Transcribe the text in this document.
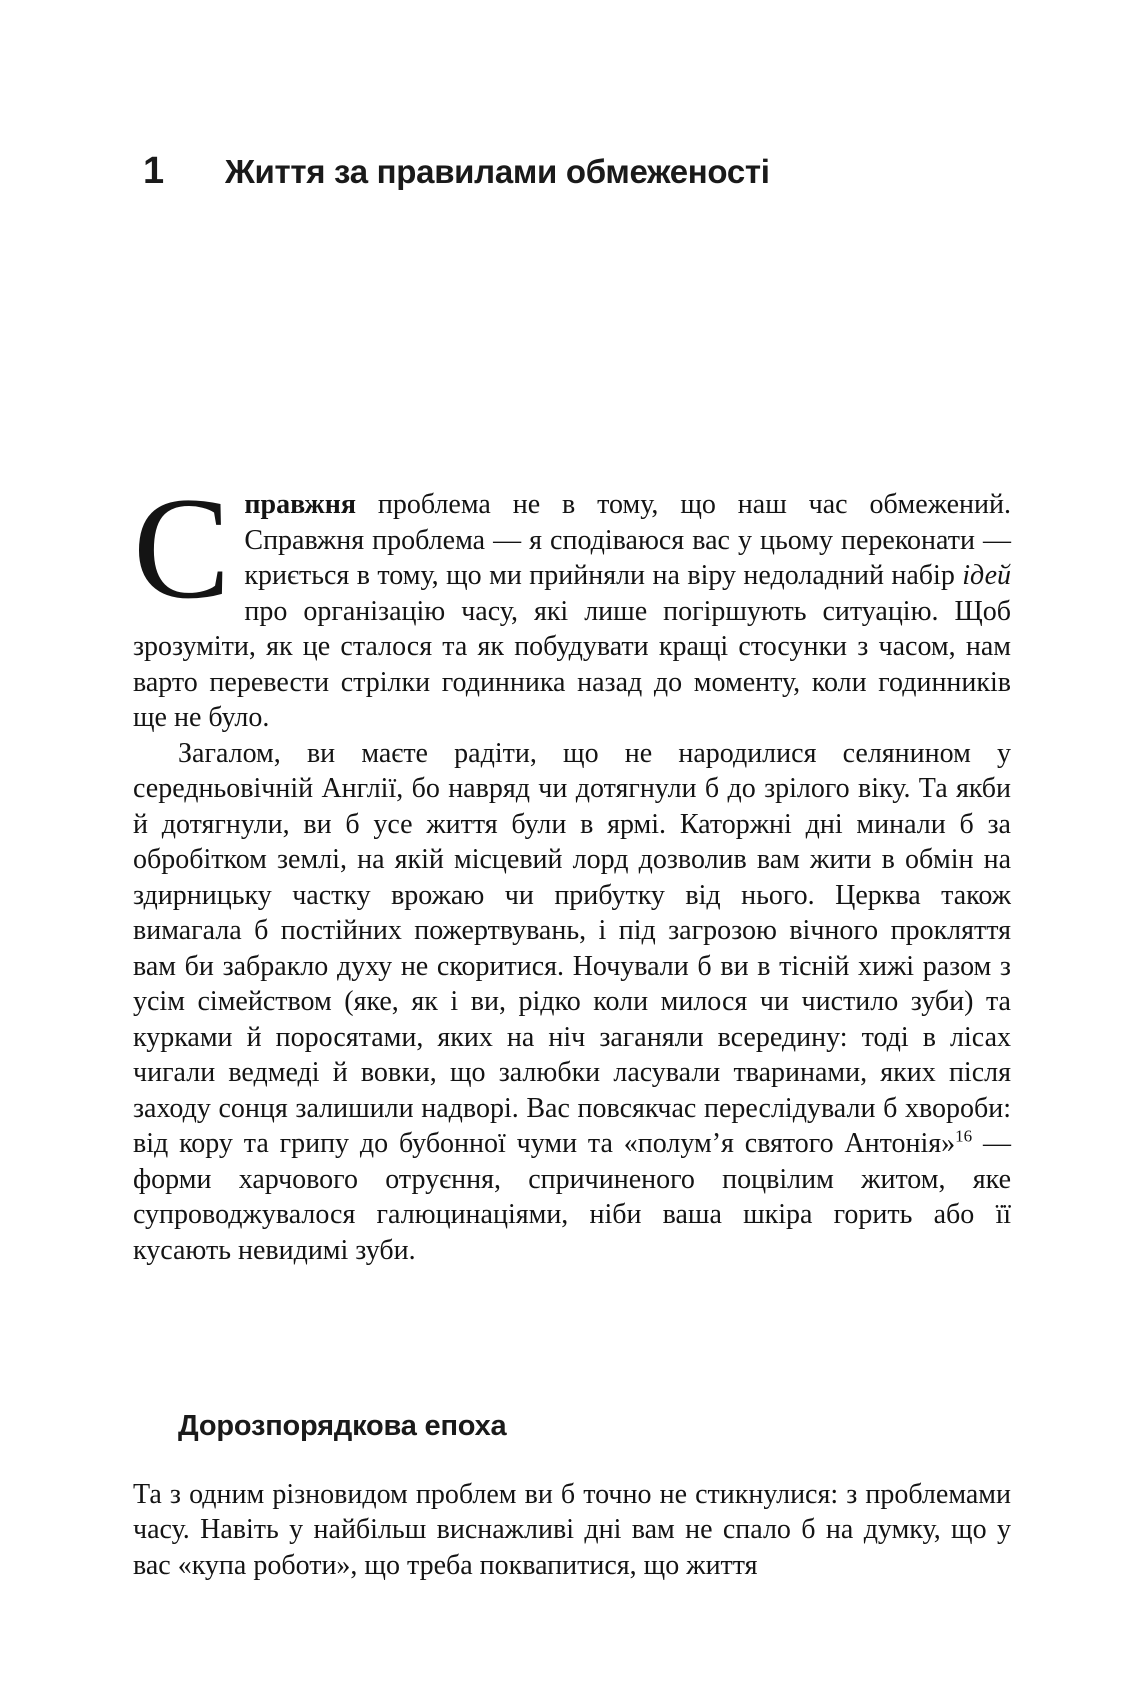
1	Життя за правилами обмеженості

Справжня проблема не в тому, що наш час обмежений. Справжня проблема — я сподіваюся вас у цьому переконати — криється в тому, що ми прийняли на віру недоладний набір ідей про організацію часу, які лише погіршують ситуацію. Щоб зрозуміти, як це сталося та як побудувати кращі стосунки з часом, нам варто перевести стрілки годинника назад до моменту, коли годинників ще не було.

Загалом, ви маєте радіти, що не народилися селянином у середньовічній Англії, бо навряд чи дотягнули б до зрілого віку. Та якби й дотягнули, ви б усе життя були в ярмі. Каторжні дні минали б за обробітком землі, на якій місцевий лорд дозволив вам жити в обмін на здирницьку частку врожаю чи прибутку від нього. Церква також вимагала б постійних пожертвувань, і під загрозою вічного прокляття вам би забракло духу не скоритися. Ночували б ви в тісній хижі разом з усім сімейством (яке, як і ви, рідко коли милося чи чистило зуби) та курками й поросятами, яких на ніч заганяли всередину: тоді в лісах чигали ведмеді й вовки, що залюбки ласували тваринами, яких після заходу сонця залишили надворі. Вас повсякчас переслідували б хвороби: від кору та грипу до бубонної чуми та «полум’я святого Антонія»$^{16}$ — форми харчового отруєння, спричиненого поцвілим житом, яке супроводжувалося галюцинаціями, ніби ваша шкіра горить або її кусають невидимі зуби.

Дорозпорядкова епоха

Та з одним різновидом проблем ви б точно не стикнулися: з проблемами часу. Навіть у найбільш виснажливі дні вам не спало б на думку, що у вас «купа роботи», що треба поквапитися, що життя
